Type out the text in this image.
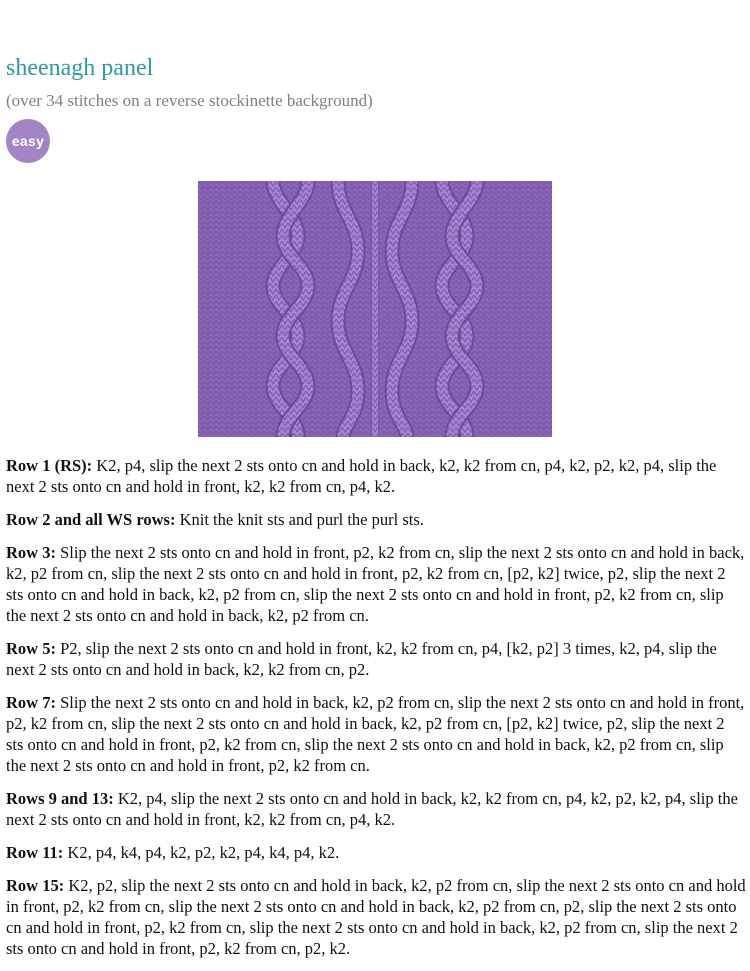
sheenagh panel

(over 34 stitches on a reverse stockinette background)

easy

Row 1 (RS): K2, p4, slip the next 2 sts onto cn and hold in back, k2, k2 from cn, p4, k2, p2, k2, p4, slip the next 2 sts onto cn and hold in front, k2, k2 from cn, p4, k2.

Row 2 and all WS rows: Knit the knit sts and purl the purl sts.

Row 3: Slip the next 2 sts onto cn and hold in front, p2, k2 from cn, slip the next 2 sts onto cn and hold in back, k2, p2 from cn, slip the next 2 sts onto cn and hold in front, p2, k2 from cn, [p2, k2] twice, p2, slip the next 2 sts onto cn and hold in back, k2, p2 from cn, slip the next 2 sts onto cn and hold in front, p2, k2 from cn, slip the next 2 sts onto cn and hold in back, k2, p2 from cn.

Row 5: P2, slip the next 2 sts onto cn and hold in front, k2, k2 from cn, p4, [k2, p2] 3 times, k2, p4, slip the next 2 sts onto cn and hold in back, k2, k2 from cn, p2.

Row 7: Slip the next 2 sts onto cn and hold in back, k2, p2 from cn, slip the next 2 sts onto cn and hold in front, p2, k2 from cn, slip the next 2 sts onto cn and hold in back, k2, p2 from cn, [p2, k2] twice, p2, slip the next 2 sts onto cn and hold in front, p2, k2 from cn, slip the next 2 sts onto cn and hold in back, k2, p2 from cn, slip the next 2 sts onto cn and hold in front, p2, k2 from cn.

Rows 9 and 13: K2, p4, slip the next 2 sts onto cn and hold in back, k2, k2 from cn, p4, k2, p2, k2, p4, slip the next 2 sts onto cn and hold in front, k2, k2 from cn, p4, k2.

Row 11: K2, p4, k4, p4, k2, p2, k2, p4, k4, p4, k2.

Row 15: K2, p2, slip the next 2 sts onto cn and hold in back, k2, p2 from cn, slip the next 2 sts onto cn and hold in front, p2, k2 from cn, slip the next 2 sts onto cn and hold in back, k2, p2 from cn, p2, slip the next 2 sts onto cn and hold in front, p2, k2 from cn, slip the next 2 sts onto cn and hold in back, k2, p2 from cn, slip the next 2 sts onto cn and hold in front, p2, k2 from cn, p2, k2.
